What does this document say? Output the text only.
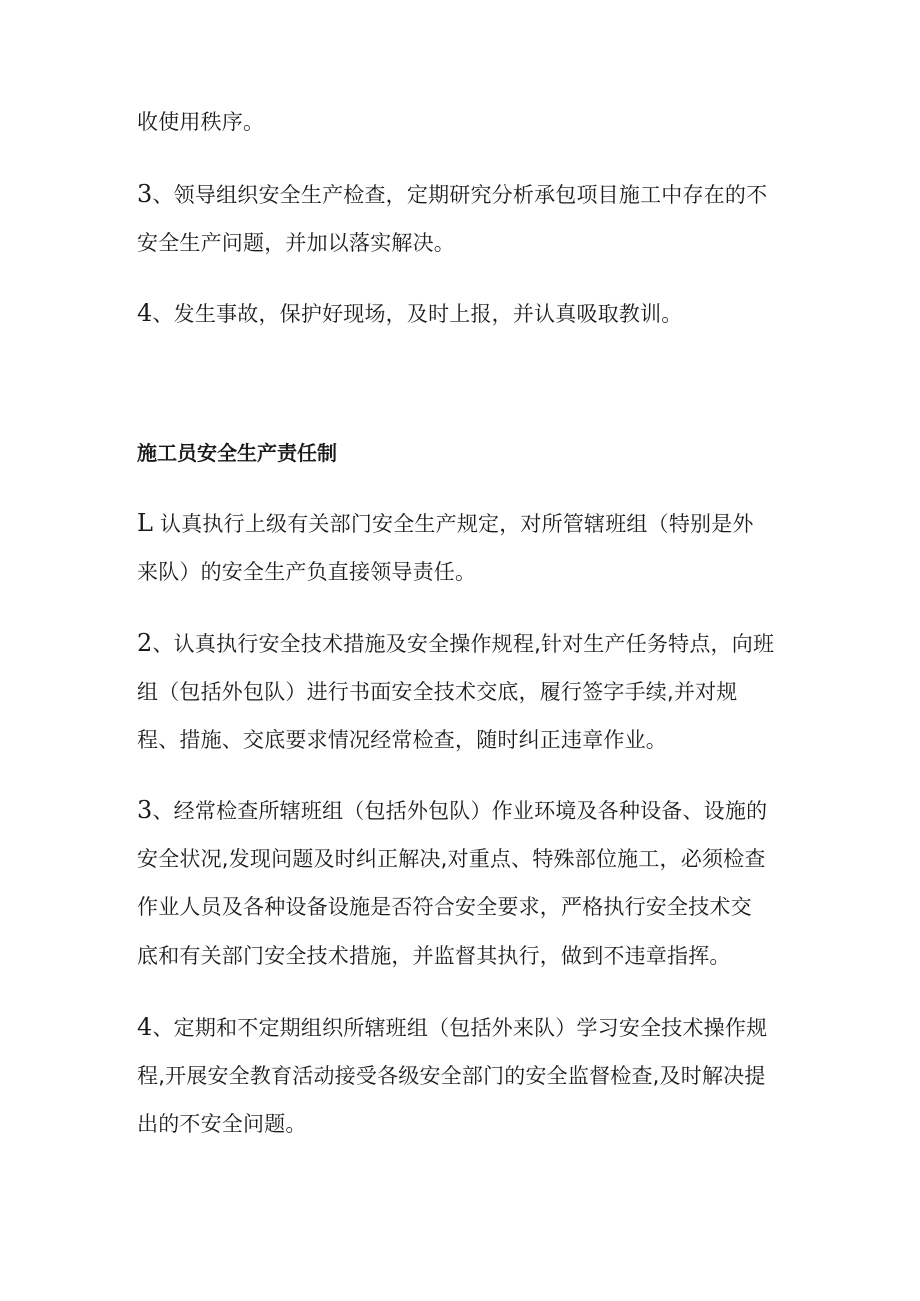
收使用秩序。

3、领导组织安全生产检查，定期研究分析承包项目施工中存在的不
安全生产问题，并加以落实解决。

4、发生事故，保护好现场，及时上报，并认真吸取教训。

施工员安全生产责任制

L 认真执行上级有关部门安全生产规定，对所管辖班组（特别是外
来队）的安全生产负直接领导责任。

2、认真执行安全技术措施及安全操作规程,针对生产任务特点，向班
组（包括外包队）进行书面安全技术交底，履行签字手续,并对规
程、措施、交底要求情况经常检查，随时纠正违章作业。

3、经常检查所辖班组（包括外包队）作业环境及各种设备、设施的
安全状况,发现问题及时纠正解决,对重点、特殊部位施工，必须检查
作业人员及各种设备设施是否符合安全要求，严格执行安全技术交
底和有关部门安全技术措施，并监督其执行，做到不违章指挥。

4、定期和不定期组织所辖班组（包括外来队）学习安全技术操作规
程,开展安全教育活动接受各级安全部门的安全监督检查,及时解决提
出的不安全问题。
